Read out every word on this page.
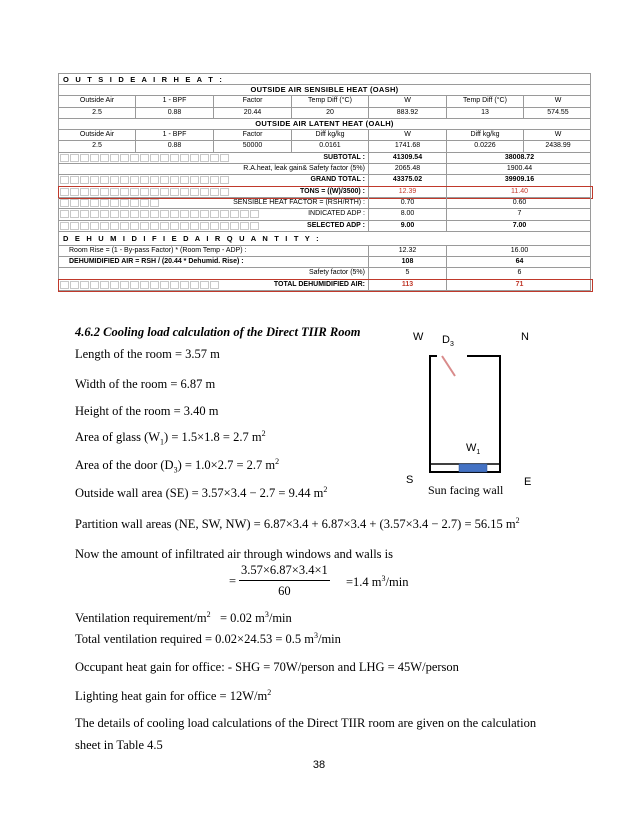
O U T S I D E A I R H E A T :
OUTSIDE AIR SENSIBLE HEAT (OASH)
Outside Air	1 - BPF	Factor	Temp Diff (°C)	W	Temp Diff (°C)	W
2.5	0.88	20.44	20	883.92	13	574.55
OUTSIDE AIR LATENT HEAT (OALH)
Outside Air	1 - BPF	Factor	Diff kg/kg	W	Diff kg/kg	W
2.5	0.88	50000	0.0161	1741.68	0.0226	2438.99
SUBTOTAL :	41309.54	38008.72
R.A.heat, leak gain& Safety factor (5%)	2065.48	1900.44
GRAND TOTAL :	43375.02	39909.16
TONS = ((W)/3500) :	12.39	11.40
SENSIBLE HEAT FACTOR = (RSH/RTH) :	0.70	0.60
INDICATED ADP :	8.00	7
SELECTED ADP :	9.00	7.00
D E H U M I D I F I E D A I R Q U A N T I T Y :
Room Rise = (1 - By-pass Factor) * (Room Temp - ADP) :	12.32	16.00
DEHUMIDIFIED AIR = RSH / (20.44 * Dehumid. Rise) :	108	64
Safety factor (5%)	5	6
TOTAL DEHUMIDIFIED AIR:	113	71
4.6.2 Cooling load calculation of the Direct TIIR Room
Length of the room = 3.57 m
Width of the room = 6.87 m
Height of the room = 3.40 m
Area of glass $(W_1) = 1.5\times 1.8 = 2.7$ $m^2$
Area of the door $(D_3) = 1.0\times 2.7 = 2.7$ $m^2$
Outside wall area (SE) = 3.57×3.4 − 2.7 = 9.44 $m^2$
Partition wall areas (NE, SW, NW) = 6.87×3.4 + 6.87×3.4 + (3.57×3.4 − 2.7) = 56.15 $m^2$
Now the amount of infiltrated air through windows and walls is
= $\frac{3.57\times 6.87\times 3.4\times 1}{60} =1.4$ $m^3/\min$
Ventilation requirement/$m^2 = 0.02$ $m^3/\min$
Total ventilation required = 0.02×24.53 = 0.5 $m^3/\min$
Occupant heat gain for office: - SHG = 70W/person and LHG = 45W/person
Lighting heat gain for office = $12W/m^2$
The details of cooling load calculations of the Direct TIIR room are given on the calculation
sheet in Table 4.5
38
W $D_3$
N
$W_1$
S
Sun facing wall
E
